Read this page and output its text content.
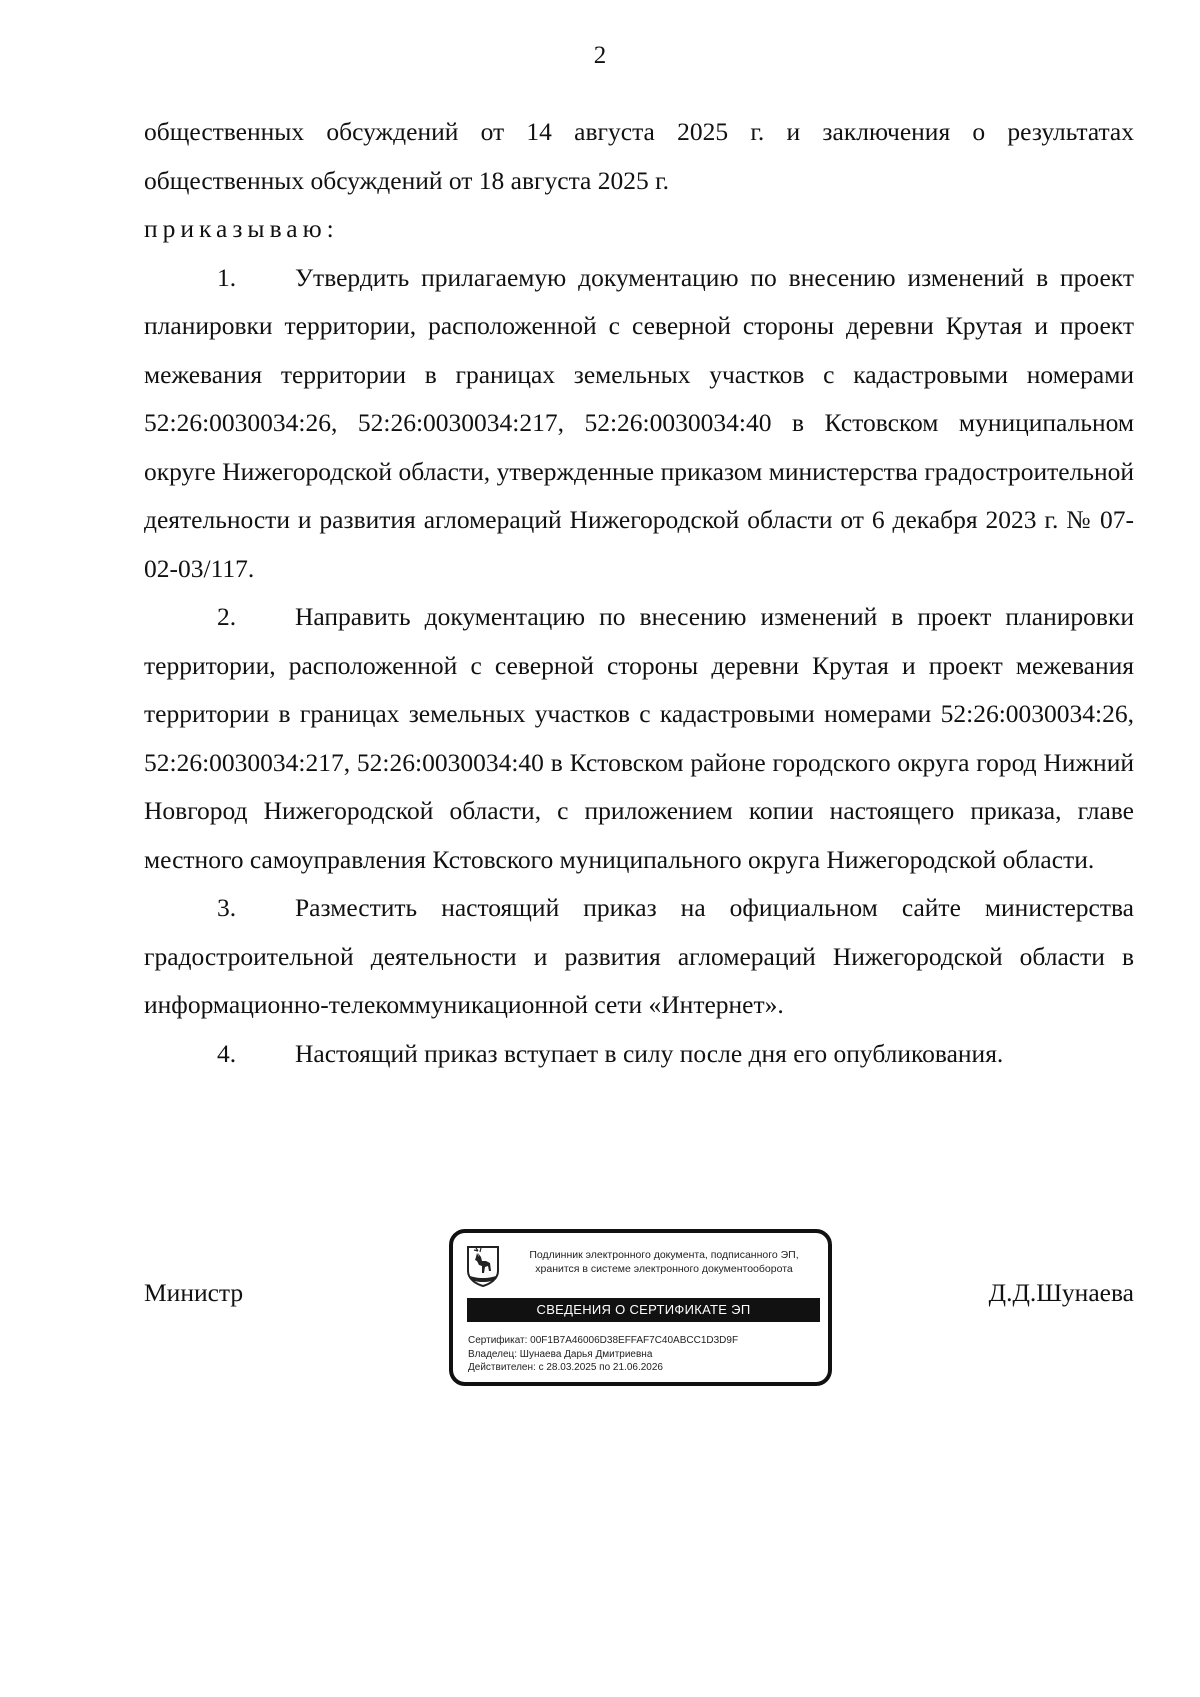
2

общественных обсуждений от 14 августа 2025 г. и заключения о результатах

общественных обсуждений от 18 августа 2025 г.

приказываю:

1. Утвердить прилагаемую документацию по внесению изменений в проект планировки территории, расположенной с северной стороны деревни Крутая и проект межевания территории в границах земельных участков с кадастровыми номерами 52:26:0030034:26, 52:26:0030034:217, 52:26:0030034:40 в Кстовском муниципальном округе Нижегородской области, утвержденные приказом министерства градостроительной деятельности и развития агломераций Нижегородской области от 6 декабря 2023 г. № 07-02-03/117.

2. Направить документацию по внесению изменений в проект планировки территории, расположенной с северной стороны деревни Крутая и проект межевания территории в границах земельных участков с кадастровыми номерами 52:26:0030034:26, 52:26:0030034:217, 52:26:0030034:40 в Кстовском районе городского округа город Нижний Новгород Нижегородской области, с приложением копии настоящего приказа, главе местного самоуправления Кстовского муниципального округа Нижегородской области.

3. Разместить настоящий приказ на официальном сайте министерства градостроительной деятельности и развития агломераций Нижегородской области в информационно-телекоммуникационной сети «Интернет».

4. Настоящий приказ вступает в силу после дня его опубликования.

Министр	Д.Д.Шунаева
Подлинник электронного документа, подписанного ЭП,
хранится в системе электронного документооборота
СВЕДЕНИЯ О СЕРТИФИКАТЕ ЭП
Сертификат: 00F1B7A46006D38EFFAF7C40ABCC1D3D9F
Владелец: Шунаева Дарья Дмитриевна
Действителен: с 28.03.2025 по 21.06.2026
